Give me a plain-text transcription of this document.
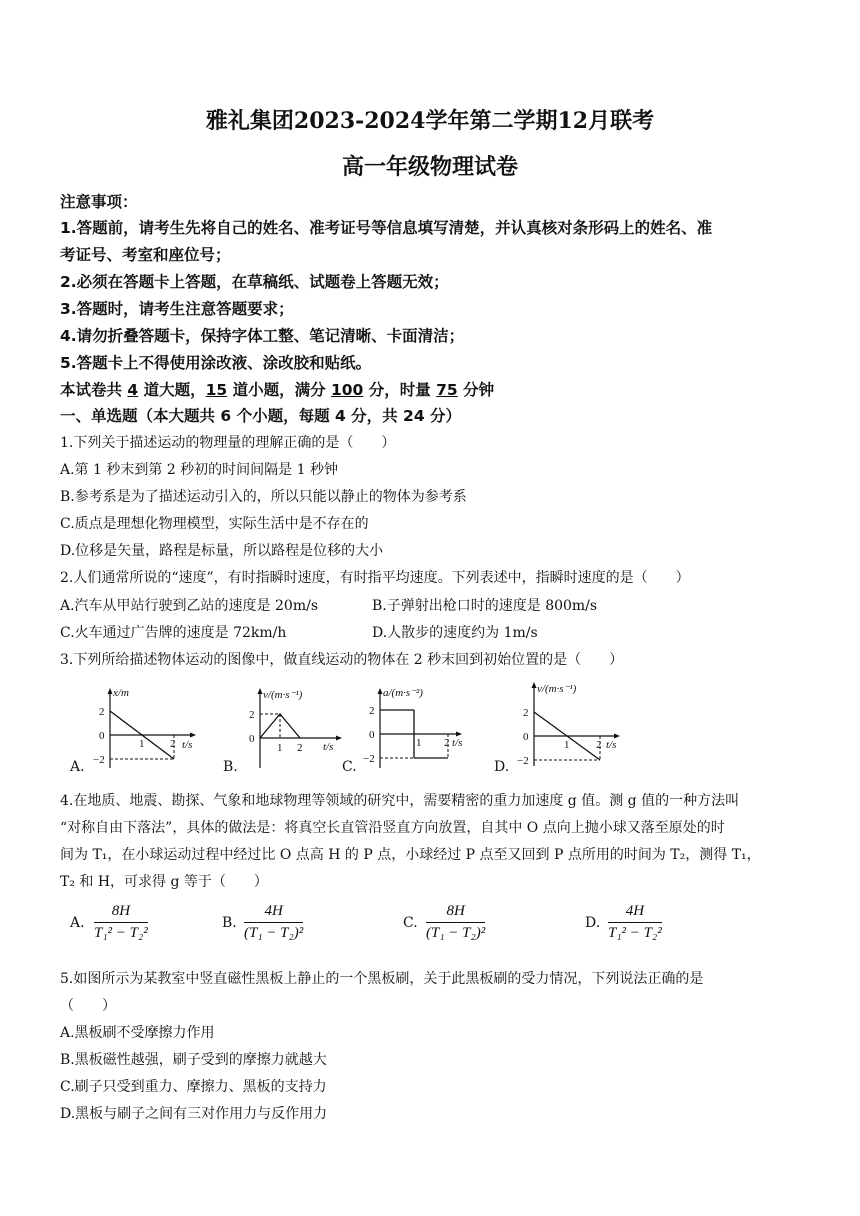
雅礼集团2023-2024学年第二学期12月联考
高一年级物理试卷
注意事项：
1.答题前，请考生先将自己的姓名、准考证号等信息填写清楚，并认真核对条形码上的姓名、准
考证号、考室和座位号；
2.必须在答题卡上答题，在草稿纸、试题卷上答题无效；
3.答题时，请考生注意答题要求；
4.请勿折叠答题卡，保持字体工整、笔记清晰、卡面清洁；
5.答题卡上不得使用涂改液、涂改胶和贴纸。
本试卷共 4 道大题，15 道小题，满分 100 分，时量 75 分钟
一、单选题（本大题共 6 个小题，每题 4 分，共 24 分）
1.下列关于描述运动的物理量的理解正确的是（　　）
A.第 1 秒末到第 2 秒初的时间间隔是 1 秒钟
B.参考系是为了描述运动引入的，所以只能以静止的物体为参考系
C.质点是理想化物理模型，实际生活中是不存在的
D.位移是矢量，路程是标量，所以路程是位移的大小
2.人们通常所说的“速度”，有时指瞬时速度，有时指平均速度。下列表述中，指瞬时速度的是（　　）
A.汽车从甲站行驶到乙站的速度是 20m/s	B.子弹射出枪口时的速度是 800m/s
C.火车通过广告牌的速度是 72km/h	D.人散步的速度约为 1m/s
3.下列所给描述物体运动的图像中，做直线运动的物体在 2 秒末回到初始位置的是（　　）
A.
x/m
t/s
2
0
−2
1 2
B.
v/(m·s⁻¹)
t/s
2
0
1 2
C.
a/(m·s⁻²)
t/s
2
0
−2
1 2
D.
v/(m·s⁻¹)
t/s
2
0
−2
1 2
4.在地质、地震、勘探、气象和地球物理等领域的研究中，需要精密的重力加速度 g 值。测 g 值的一种方法叫
“对称自由下落法”，具体的做法是：将真空长直管沿竖直方向放置，自其中 O 点向上抛小球又落至原处的时
间为 T₁，在小球运动过程中经过比 O 点高 H 的 P 点，小球经过 P 点至又回到 P 点所用的时间为 T₂，测得 T₁，
T₂ 和 H，可求得 g 等于（　　）
A. $\frac{8H}{\text{T₁² − T₂²}}$	B. $\frac{4H}{\text{(T₁ − T₂)²}}$	C. $\frac{8H}{\text{(T₁ − T₂)²}}$	D. $\frac{4H}{\text{T₁² − T₂²}}$
5.如图所示为某教室中竖直磁性黑板上静止的一个黑板刷，关于此黑板刷的受力情况，下列说法正确的是
（　　）
A.黑板刷不受摩擦力作用
B.黑板磁性越强，刷子受到的摩擦力就越大
C.刷子只受到重力、摩擦力、黑板的支持力
D.黑板与刷子之间有三对作用力与反作用力
